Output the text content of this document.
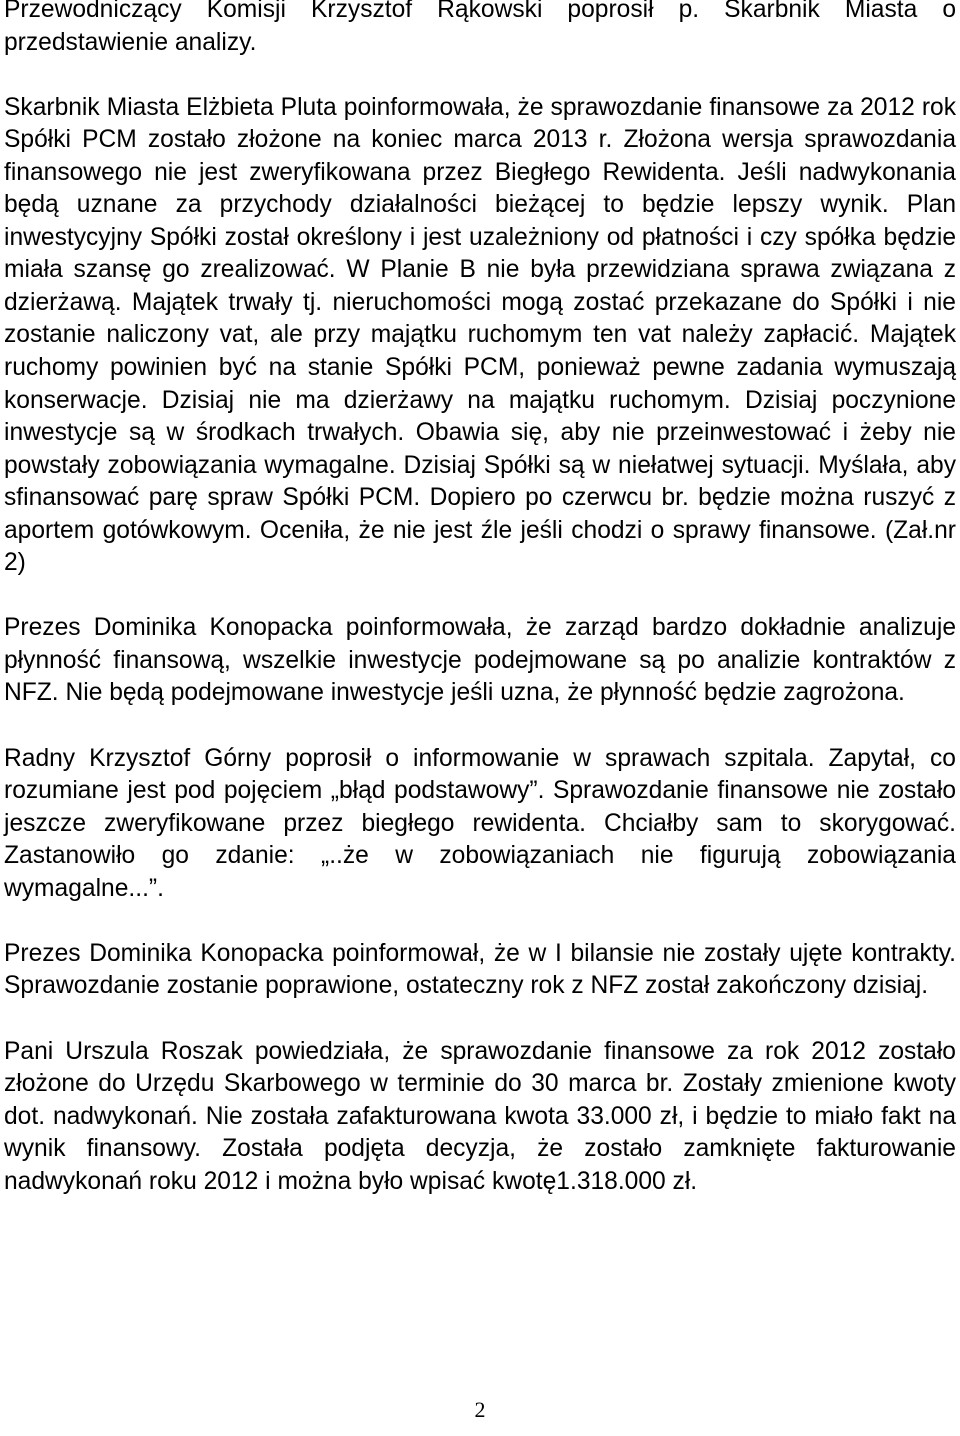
Przewodniczący Komisji Krzysztof Rąkowski poprosił p. Skarbnik Miasta o przedstawienie analizy.

Skarbnik Miasta Elżbieta Pluta poinformowała, że sprawozdanie finansowe za 2012 rok Spółki PCM zostało złożone na koniec marca 2013 r. Złożona wersja sprawozdania finansowego nie jest zweryfikowana przez Biegłego Rewidenta. Jeśli nadwykonania będą uznane za przychody działalności bieżącej to będzie lepszy wynik. Plan inwestycyjny Spółki został określony i jest uzależniony od płatności i czy spółka będzie miała szansę go zrealizować. W Planie B nie była przewidziana sprawa związana z dzierżawą. Majątek trwały tj. nieruchomości mogą zostać przekazane do Spółki i nie zostanie naliczony vat, ale przy majątku ruchomym ten vat należy zapłacić. Majątek ruchomy powinien być na stanie Spółki PCM, ponieważ pewne zadania wymuszają konserwacje. Dzisiaj nie ma dzierżawy na majątku ruchomym. Dzisiaj poczynione inwestycje są w środkach trwałych. Obawia się, aby nie przeinwestować i żeby nie powstały zobowiązania wymagalne. Dzisiaj Spółki są w niełatwej sytuacji. Myślała, aby sfinansować parę spraw Spółki PCM. Dopiero po czerwcu br. będzie można ruszyć z aportem gotówkowym. Oceniła, że nie jest źle jeśli chodzi o sprawy finansowe. (Zał.nr 2)

Prezes Dominika Konopacka poinformowała, że zarząd bardzo dokładnie analizuje płynność finansową, wszelkie inwestycje podejmowane są po analizie kontraktów z NFZ. Nie będą podejmowane inwestycje jeśli uzna, że płynność będzie zagrożona.

Radny Krzysztof Górny poprosił o informowanie w sprawach szpitala. Zapytał, co rozumiane jest pod pojęciem „błąd podstawowy”. Sprawozdanie finansowe nie zostało jeszcze zweryfikowane przez biegłego rewidenta. Chciałby sam to skorygować. Zastanowiło go zdanie: „..że w zobowiązaniach nie figurują zobowiązania wymagalne...”.

Prezes Dominika Konopacka poinformował, że w I bilansie nie zostały ujęte kontrakty. Sprawozdanie zostanie poprawione, ostateczny rok z NFZ został zakończony dzisiaj.

Pani Urszula Roszak powiedziała, że sprawozdanie finansowe za rok 2012 zostało złożone do Urzędu Skarbowego w terminie do 30 marca br. Zostały zmienione kwoty dot. nadwykonań. Nie została zafakturowana kwota 33.000 zł, i będzie to miało fakt na wynik finansowy. Została podjęta decyzja, że zostało zamknięte fakturowanie nadwykonań roku 2012 i można było wpisać kwotę1.318.000 zł.

2
